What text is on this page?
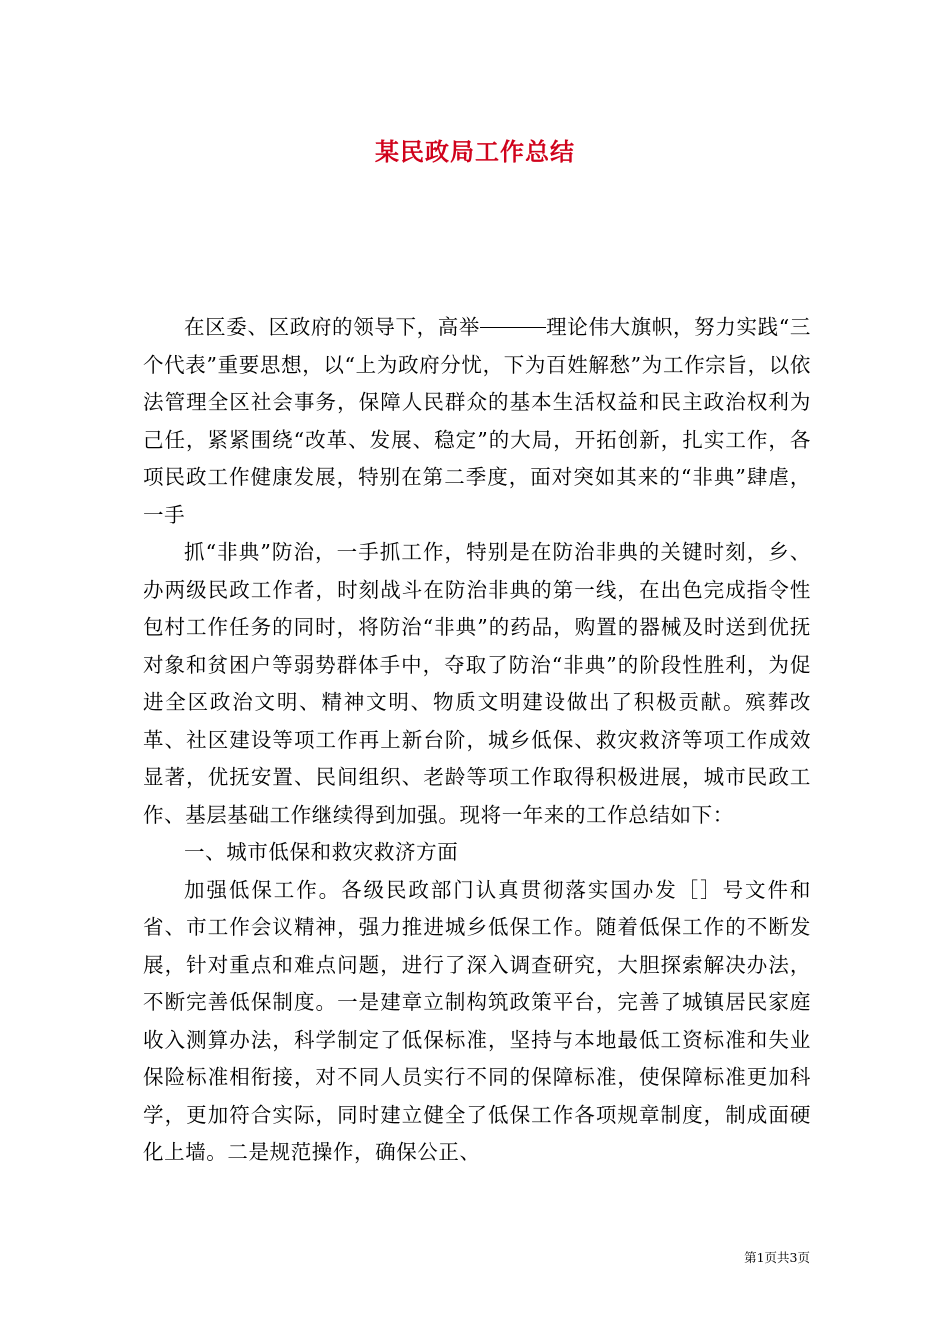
某民政局工作总结

在区委、区政府的领导下，高举	理论伟大旗帜，努力实践“三个代表”重要思想，以“上为政府分忧，下为百姓解愁”为工作宗旨，以依法管理全区社会事务，保障人民群众的基本生活权益和民主政治权利为己任，紧紧围绕“改革、发展、稳定”的大局，开拓创新，扎实工作，各项民政工作健康发展，特别在第二季度，面对突如其来的“非典”肆虐，一手

抓“非典”防治，一手抓工作，特别是在防治非典的关键时刻，乡、办两级民政工作者，时刻战斗在防治非典的第一线，在出色完成指令性包村工作任务的同时，将防治“非典”的药品，购置的器械及时送到优抚对象和贫困户等弱势群体手中，夺取了防治“非典”的阶段性胜利，为促进全区政治文明、精神文明、物质文明建设做出了积极贡献。殡葬改革、社区建设等项工作再上新台阶，城乡低保、救灾救济等项工作成效显著，优抚安置、民间组织、老龄等项工作取得积极进展，城市民政工作、基层基础工作继续得到加强。现将一年来的工作总结如下：

一、城市低保和救灾救济方面

加强低保工作。各级民政部门认真贯彻落实国办发［］号文件和省、市工作会议精神，强力推进城乡低保工作。随着低保工作的不断发展，针对重点和难点问题，进行了深入调查研究，大胆探索解决办法，不断完善低保制度。一是建章立制构筑政策平台，完善了城镇居民家庭收入测算办法，科学制定了低保标准，坚持与本地最低工资标准和失业保险标准相衔接，对不同人员实行不同的保障标准，使保障标准更加科学，更加符合实际，同时建立健全了低保工作各项规章制度，制成面硬化上墙。二是规范操作，确保公正、

第1页共3页
